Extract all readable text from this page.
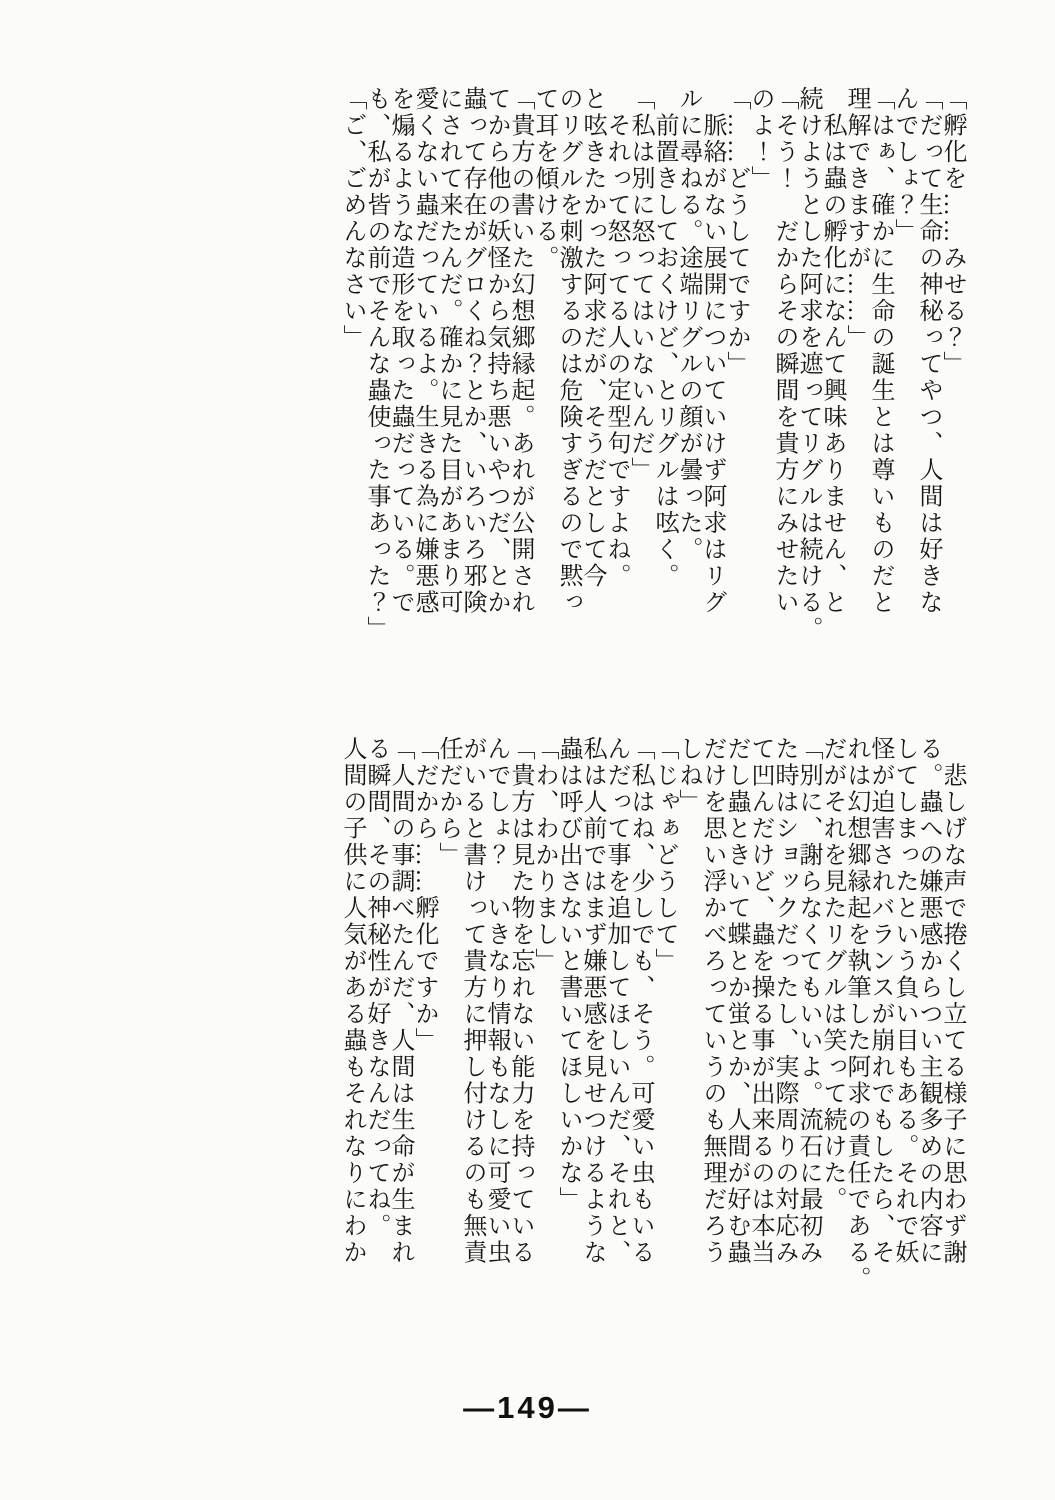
「孵化を……みせる？」
「だって生命の神秘ってやつ、人間は好きな
んでしょ？」
「はぁ、確かに生命の誕生とは尊いものだと
理解できますが……」
　私は蟲の孵化になんて興味ありません、と
続けようとした阿求を遮ってリグルは続ける。
「そう！　だからその瞬間を貴方にみせたい
のよ！」
「……どうしてですか」
　脈絡がない展開についていけず阿求はリグ
ルに尋ねる。途端リグルの顔が曇った。
　前置きしておくけど、とリグルは呟く。
「私は別に怒ってはいないんだ」
　それって怒ってる人の定型句ですよね。
と呟きたかった阿求だが、そうだとして今
のリグルを刺激するのは危険すぎるので黙っ
て耳を傾ける。
「貴方の書いた幻想郷縁起。あれが公開され
てから他の妖怪から気持ち悪いやつだ、とか
蟲って存在がグロくね？とか、いろいろ邪険
にされて来たんだ。確かに見た目があまり可
愛くない蟲だっているよ。生きる為に嫌悪感
を煽るような造形を取った蟲だっている。で
も、私が皆の前でそんな蟲使った事あった？」
「ご、ごめんなさい」
　悲しげな声で捲くし立てる様子に思わず謝
る。蟲への嫌悪感からつい主観多めの内容に
してしまったという負い目もある。それで妖
怪が迫害されバランスが崩れでもしたら、そ
れは幻想郷縁起を執筆した阿求の責任である。
だがそれを見たリグルは笑って続けた。
「別に、謝らなくてもいいよ。流石に最初み
た時はショックだったし、実際周りの対応み
て凹んだけど、蟲を操る事が出来るのは本当
だし蟲ときいて蝶とか蛍とか、人間が好む蟲
だけを思い浮かべろっていうのも無理だろう
しね」
「じゃぁどうして」
「私はね、少しでも、そう。可愛い虫もいる
んだって事を追加してほしいんだ、それと、
私は人前ではまず嫌悪感を見せつけるような
蟲は呼び出さないと書いてほしいかな」
「わ、わかりまし」
「貴方は見た物を忘れない能力を持っている
んでしょ？　いきなり情報もなしに可愛い虫
がいると書けって貴方に押し付けるのも無責
任だから」
「だから……孵化ですか」
「人間の事調べたんだ、人間は生命が生まれ
る瞬間、その神秘性が好きなんだってね。
人間の子供に人気がある蟲もそれなりにわか
―149―
